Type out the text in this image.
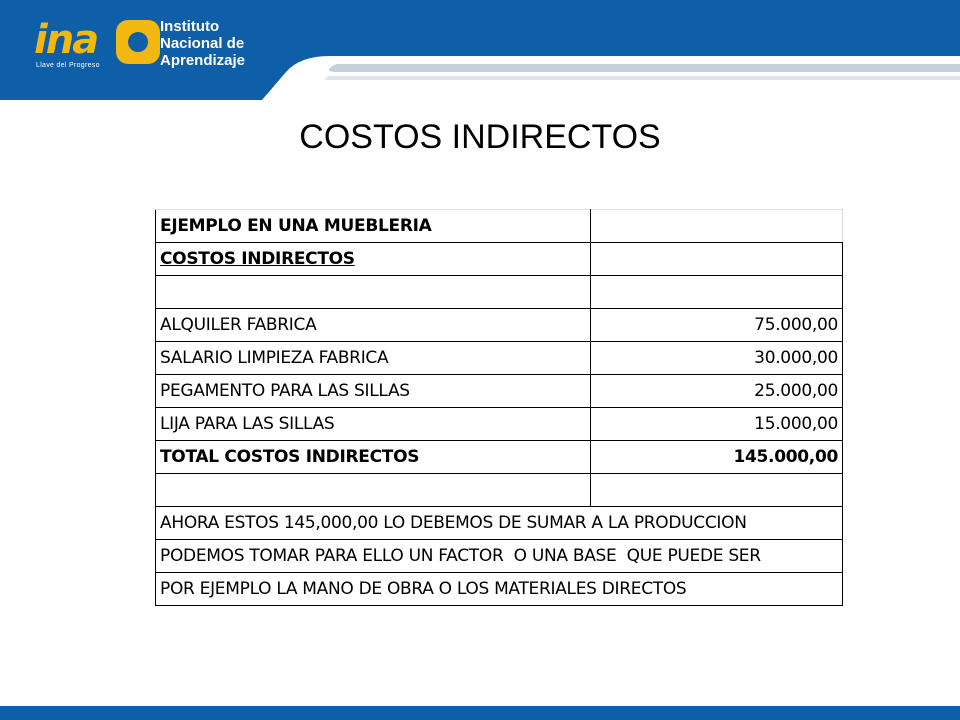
ina
Llave del Progreso
Instituto
Nacional de
Aprendizaje
COSTOS INDIRECTOS
EJEMPLO EN UNA MUEBLERIA	
COSTOS INDIRECTOS	

ALQUILER FABRICA	75.000,00
SALARIO LIMPIEZA FABRICA	30.000,00
PEGAMENTO PARA LAS SILLAS	25.000,00
LIJA PARA LAS SILLAS	15.000,00
TOTAL COSTOS INDIRECTOS	145.000,00

AHORA ESTOS 145,000,00 LO DEBEMOS DE SUMAR A LA PRODUCCION	
PODEMOS TOMAR PARA ELLO UN FACTOR  O UNA BASE  QUE PUEDE SER	
POR EJEMPLO LA MANO DE OBRA O LOS MATERIALES DIRECTOS	
